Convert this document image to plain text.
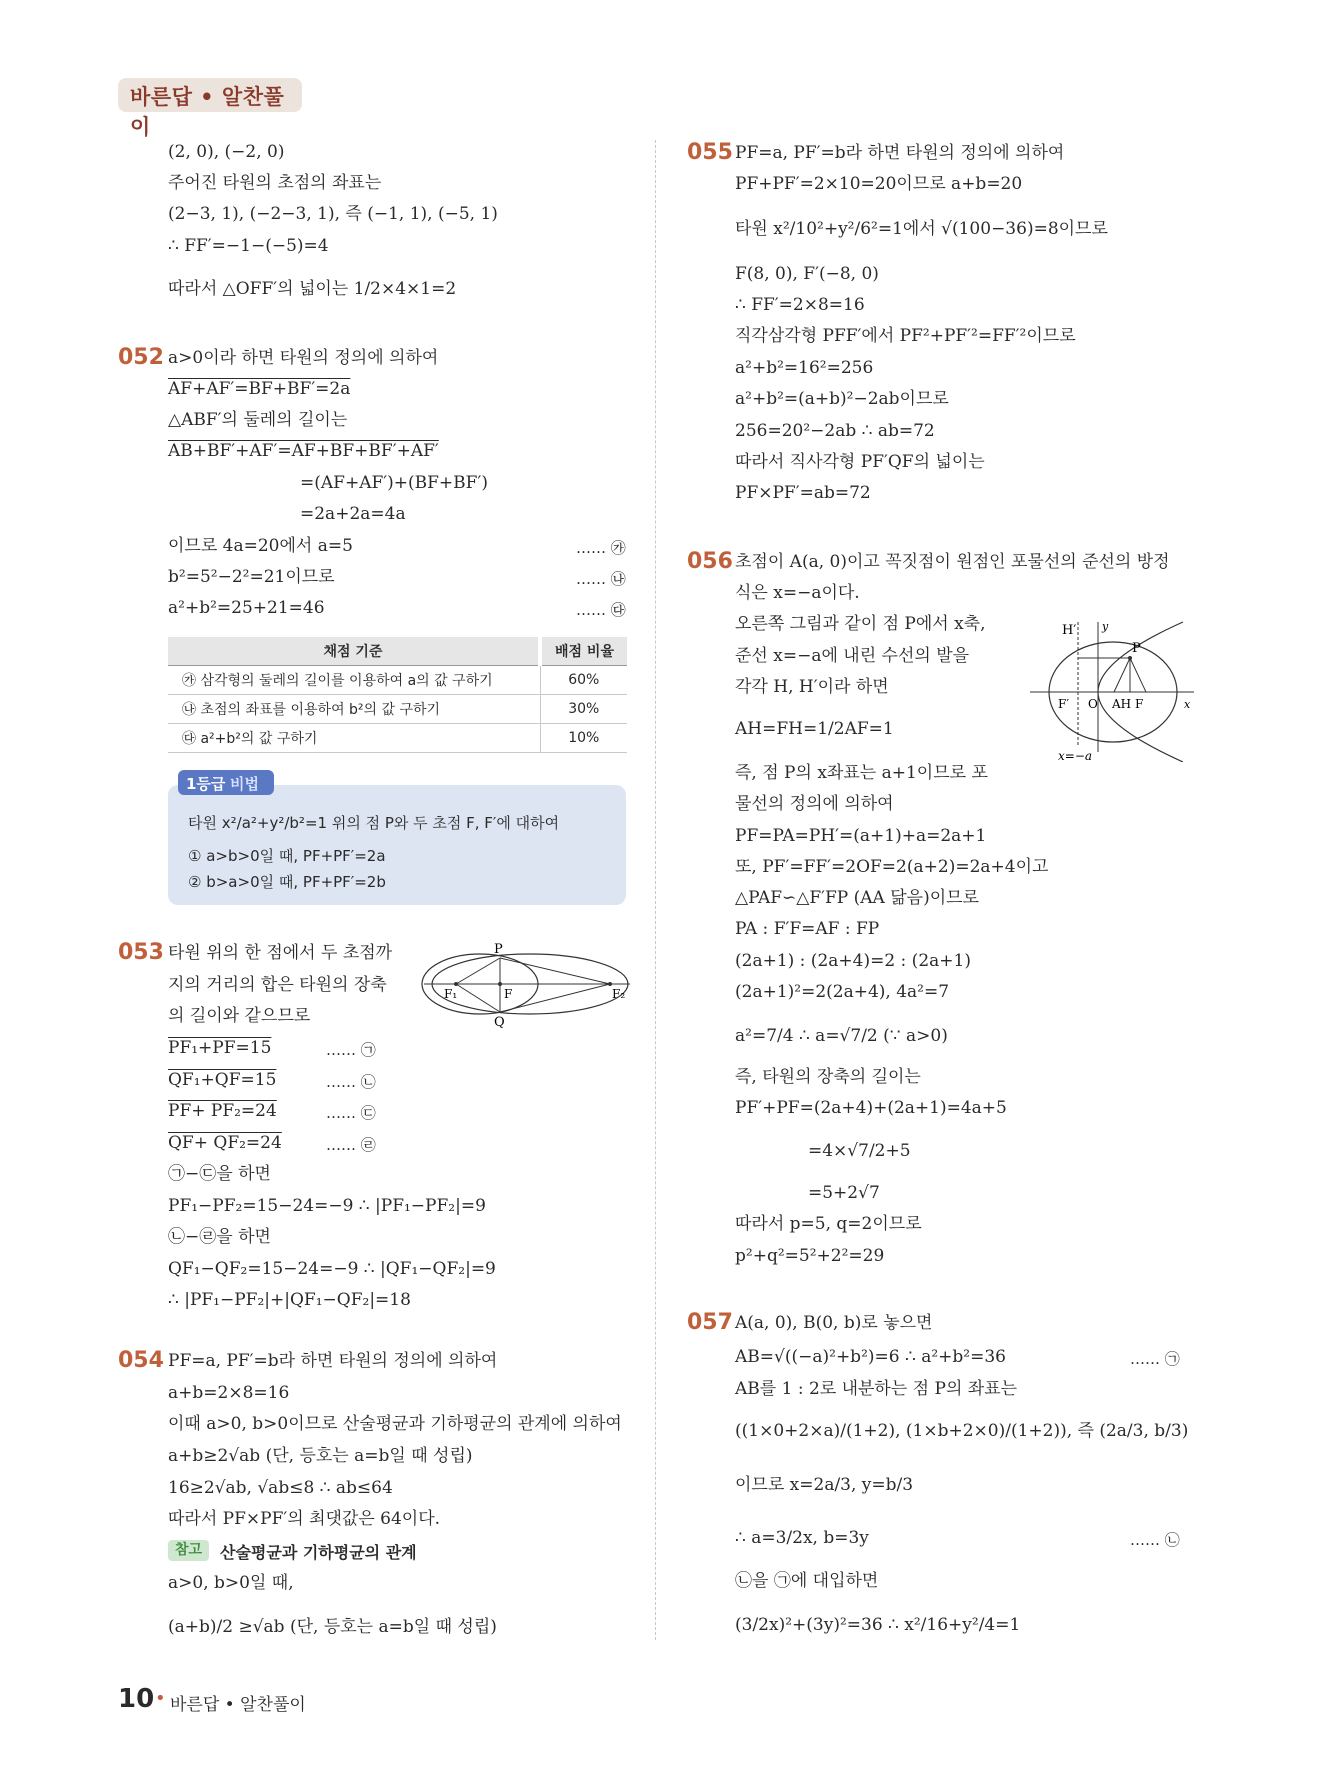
바른답 • 알찬풀이
(2, 0), (−2, 0)
주어진 타원의 초점의 좌표는
(2−3, 1), (−2−3, 1), 즉 (−1, 1), (−5, 1)
∴ FF′=−1−(−5)=4
따라서 △OFF′의 넓이는 1/2×4×1=2
052 a>0이라 하면 타원의 정의에 의하여
AF+AF′=BF+BF′=2a
△ABF′의 둘레의 길이는
AB+BF′+AF′=AF+BF+BF′+AF′
=(AF+AF′)+(BF+BF′)
=2a+2a=4a
이므로 4a=20에서 a=5
b²=5²−2²=21이므로
a²+b²=25+21=46
…… ㉮
…… ㉯
…… ㉰
채점 기준	배점 비율
㉮ 삼각형의 둘레의 길이를 이용하여 a의 값 구하기	60%
㉯ 초점의 좌표를 이용하여 b²의 값 구하기	30%
㉰ a²+b²의 값 구하기	10%
1등급 비법
타원 x²/a²+y²/b²=1 위의 점 P와 두 초점 F, F′에 대하여
① a>b>0일 때, PF+PF′=2a
② b>a>0일 때, PF+PF′=2b
053 타원 위의 한 점에서 두 초점까
지의 거리의 합은 타원의 장축
의 길이와 같으므로
PF₁+PF=15
QF₁+QF=15
PF+ PF₂=24
QF+ QF₂=24
㉠−㉢을 하면
PF₁−PF₂=15−24=−9 ∴ |PF₁−PF₂|=9
㉡−㉣을 하면
QF₁−QF₂=15−24=−9 ∴ |QF₁−QF₂|=9
∴ |PF₁−PF₂|+|QF₁−QF₂|=18
…… ㉠
…… ㉡
…… ㉢
…… ㉣
P
Q
F₁	F	F₂
054 PF=a, PF′=b라 하면 타원의 정의에 의하여
a+b=2×8=16
이때 a>0, b>0이므로 산술평균과 기하평균의 관계에 의하여
a+b≥2√ab (단, 등호는 a=b일 때 성립)
16≥2√ab, √ab≤8 ∴ ab≤64
따라서 PF×PF′의 최댓값은 64이다.
참고	산술평균과 기하평균의 관계
a>0, b>0일 때,
(a+b)/2 ≥√ab (단, 등호는 a=b일 때 성립)
055 PF=a, PF′=b라 하면 타원의 정의에 의하여
PF+PF′=2×10=20이므로 a+b=20
타원 x²/10²+y²/6²=1에서 √(100−36)=8이므로
F(8, 0), F′(−8, 0)
∴ FF′=2×8=16
직각삼각형 PFF′에서 PF²+PF′²=FF′²이므로
a²+b²=16²=256
a²+b²=(a+b)²−2ab이므로
256=20²−2ab ∴ ab=72
따라서 직사각형 PF′QF의 넓이는
PF×PF′=ab=72
056 초점이 A(a, 0)이고 꼭짓점이 원점인 포물선의 준선의 방정
식은 x=−a이다.
오른쪽 그림과 같이 점 P에서 x축,
준선 x=−a에 내린 수선의 발을
각각 H, H′이라 하면
AH=FH=1/2AF=1
즉, 점 P의 x좌표는 a+1이므로 포
물선의 정의에 의하여
PF=PA=PH′=(a+1)+a=2a+1
또, PF′=FF′=2OF=2(a+2)=2a+4이고
△PAF∽△F′FP (AA 닮음)이므로
PA : F′F=AF : FP
(2a+1) : (2a+4)=2 : (2a+1)
(2a+1)²=2(2a+4), 4a²=7
a²=7/4 ∴ a=√7/2 (∵ a>0)
즉, 타원의 장축의 길이는
PF′+PF=(2a+4)+(2a+1)=4a+5
=4×√7/2+5
=5+2√7
따라서 p=5, q=2이므로
p²+q²=5²+2²=29
H′ y
P
F′ O AH F	x
x=−a
057 A(a, 0), B(0, b)로 놓으면
AB=√((−a)²+b²)=6 ∴ a²+b²=36
AB를 1 : 2로 내분하는 점 P의 좌표는
((1×0+2×a)/(1+2), (1×b+2×0)/(1+2)), 즉 (2a/3, b/3)
이므로 x=2a/3, y=b/3
∴ a=3/2x, b=3y
㉡을 ㉠에 대입하면
(3/2x)²+(3y)²=36 ∴ x²/16+y²/4=1
…… ㉠
…… ㉡
10 • 바른답 • 알찬풀이
